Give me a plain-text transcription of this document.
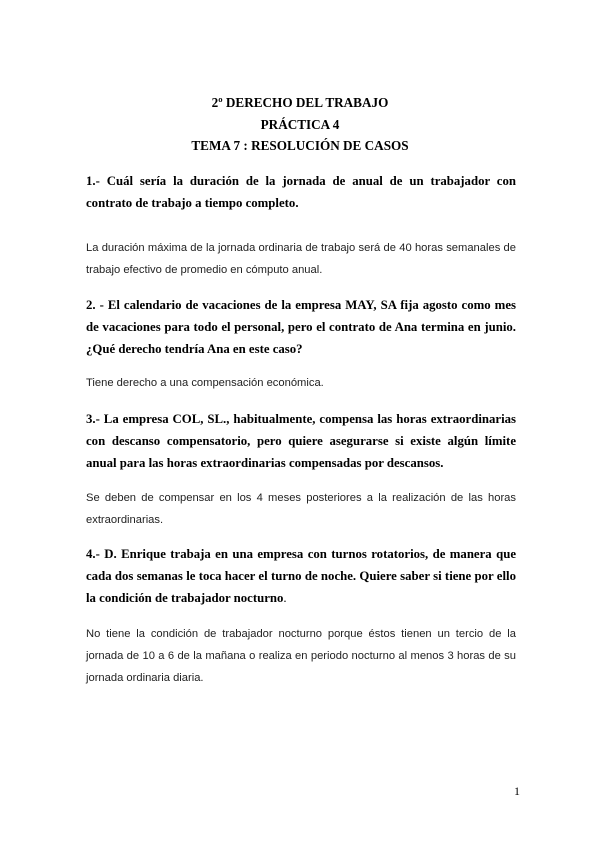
2º DERECHO DEL TRABAJO
PRÁCTICA 4
TEMA 7 : RESOLUCIÓN DE CASOS
1.- Cuál sería la duración de la jornada de anual de un trabajador con contrato de trabajo a tiempo completo.
La duración máxima de la jornada ordinaria de trabajo será de 40 horas semanales de trabajo efectivo de promedio en cómputo anual.
2. - El calendario de vacaciones de la empresa MAY, SA fija agosto como mes de vacaciones para todo el personal, pero el contrato de Ana termina en junio. ¿Qué derecho tendría Ana en este caso?
Tiene derecho a una compensación económica.
3.- La empresa COL, SL., habitualmente, compensa las horas extraordinarias con descanso compensatorio, pero quiere asegurarse si existe algún límite anual para las horas extraordinarias compensadas por descansos.
Se deben de compensar en los 4 meses posteriores a la realización de las horas extraordinarias.
4.- D. Enrique trabaja en una empresa con turnos rotatorios, de manera que cada dos semanas le toca hacer el turno de noche. Quiere saber si tiene por ello la condición de trabajador nocturno.
No tiene la condición de trabajador nocturno porque éstos tienen un tercio de la jornada de 10 a 6 de la mañana o realiza en periodo nocturno al menos 3 horas de su jornada ordinaria diaria.
1
